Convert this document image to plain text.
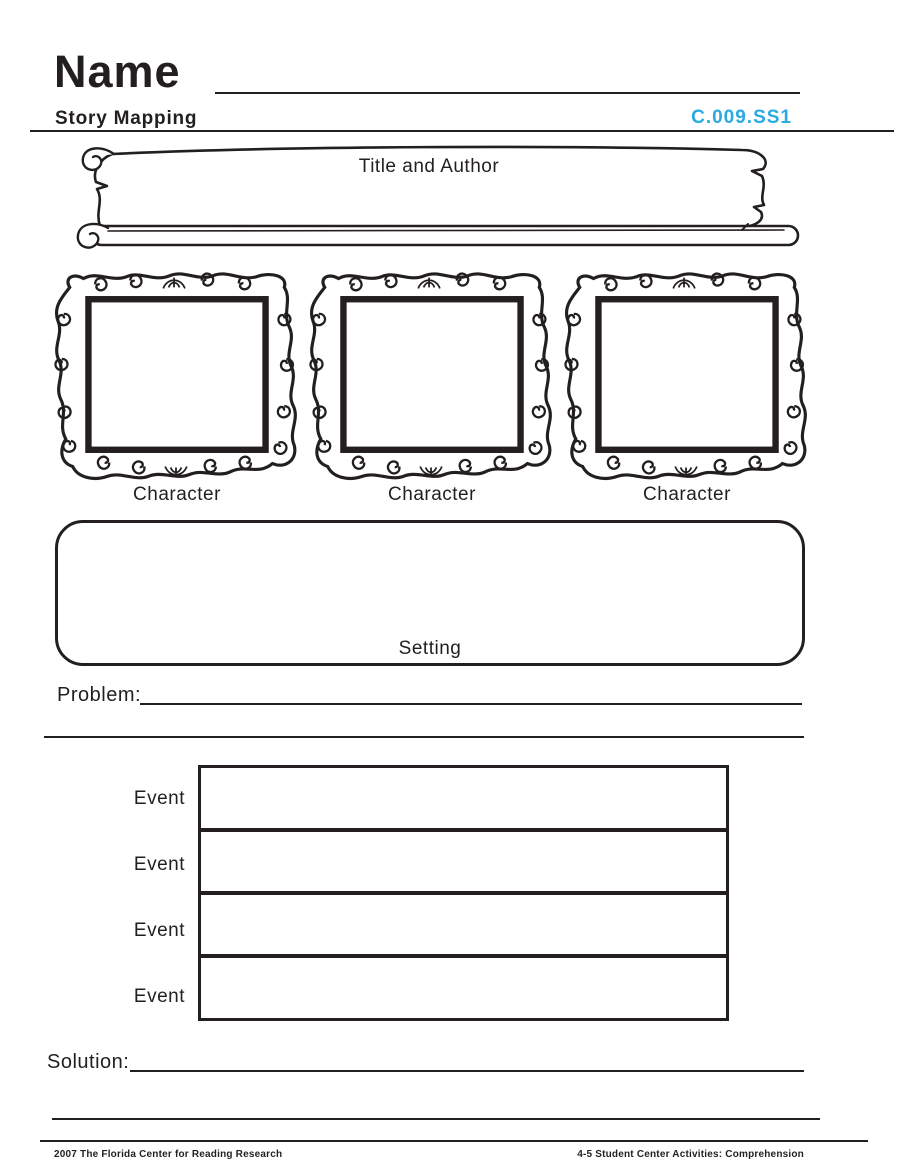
Name
Story Mapping	C.009.SS1
Title and Author
Character	Character	Character
Setting
Problem:
Event
Event
Event
Event
Solution:
2007 The Florida Center for Reading Research	4-5 Student Center Activities: Comprehension
